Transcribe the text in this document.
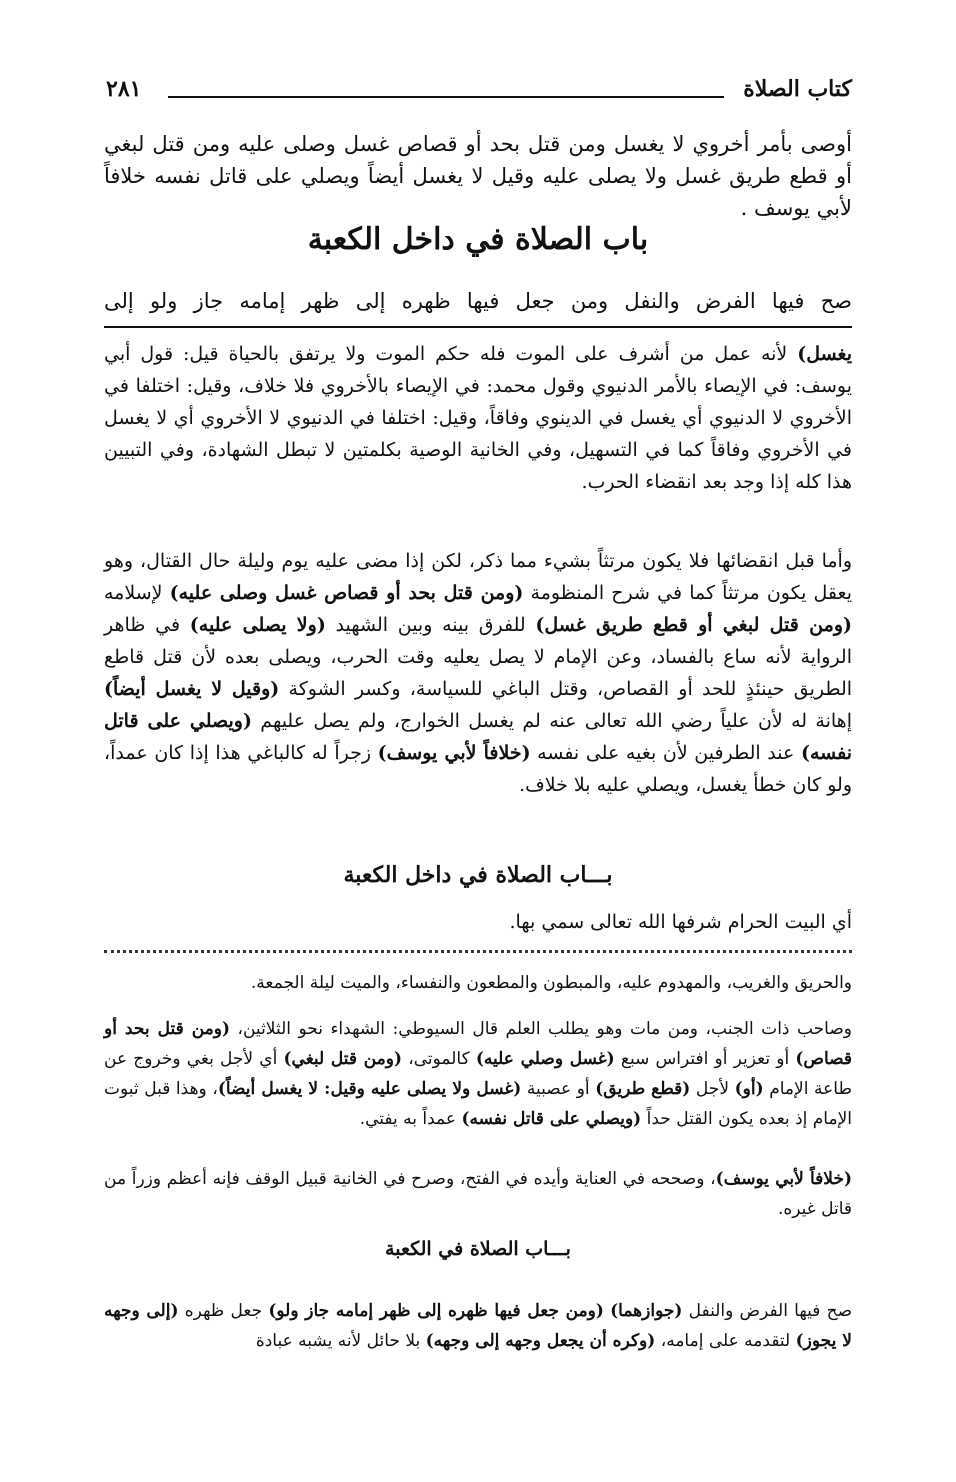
كتاب الصلاة
٢٨١
أوصى بأمر أخروي لا يغسل ومن قتل بحد أو قصاص غسل وصلى عليه ومن قتل لبغي أو قطع طريق غسل ولا يصلى عليه وقيل لا يغسل أيضاً ويصلي على قاتل نفسه خلافاً لأبي يوسف .
باب الصلاة في داخل الكعبة
صح فيها الفرض والنفل ومن جعل فيها ظهره إلى ظهر إمامه جاز ولو إلى
يغسل) لأنه عمل من أشرف على الموت فله حكم الموت ولا يرتفق بالحياة قيل: قول أبي يوسف: في الإيصاء بالأمر الدنيوي وقول محمد: في الإيصاء بالأخروي فلا خلاف، وقيل: اختلفا في الأخروي لا الدنيوي أي يغسل في الدينوي وفاقاً، وقيل: اختلفا في الدنيوي لا الأخروي أي لا يغسل في الأخروي وفاقاً كما في التسهيل، وفي الخانية الوصية بكلمتين لا تبطل الشهادة، وفي التبيين هذا كله إذا وجد بعد انقضاء الحرب.
وأما قبل انقضائها فلا يكون مرتثاً بشيء مما ذكر، لكن إذا مضى عليه يوم وليلة حال القتال، وهو يعقل يكون مرتثاً كما في شرح المنظومة (ومن قتل بحد أو قصاص غسل وصلى عليه) لإسلامه (ومن قتل لبغي أو قطع طريق غسل) للفرق بينه وبين الشهيد (ولا يصلى عليه) في ظاهر الرواية لأنه ساع بالفساد، وعن الإمام لا يصل يعليه وقت الحرب، ويصلى بعده لأن قتل قاطع الطريق حينئذٍ للحد أو القصاص، وقتل الباغي للسياسة، وكسر الشوكة (وقيل لا يغسل أيضاً) إهانة له لأن علياً رضي الله تعالى عنه لم يغسل الخوارج، ولم يصل عليهم (ويصلي على قاتل نفسه) عند الطرفين لأن بغيه على نفسه (خلافاً لأبي يوسف) زجراً له كالباغي هذا إذا كان عمداً، ولو كان خطأ يغسل، ويصلي عليه بلا خلاف.
بـــاب الصلاة في داخل الكعبة
أي البيت الحرام شرفها الله تعالى سمي بها.
والحريق والغريب، والمهدوم عليه، والمبطون والمطعون والنفساء، والميت ليلة الجمعة.
وصاحب ذات الجنب، ومن مات وهو يطلب العلم قال السيوطي: الشهداء نحو الثلاثين، (ومن قتل بحد أو قصاص) أو تعزير أو افتراس سبع (غسل وصلي عليه) كالموتى، (ومن قتل لبغي) أي لأجل بغي وخروج عن طاعة الإمام (أو) لأجل (قطع طريق) أو عصبية (غسل ولا يصلى عليه وقيل: لا يغسل أيضاً)، وهذا قبل ثبوت الإمام إذ بعده يكون القتل حداً (ويصلي على قاتل نفسه) عمداً به يفتي.
(خلافاً لأبي يوسف)، وصححه في العناية وأيده في الفتح، وصرح في الخانية قبيل الوقف فإنه أعظم وزراً من قاتل غيره.
بـــاب الصلاة في الكعبة
صح فيها الفرض والنفل (جوازهما) (ومن جعل فيها ظهره إلى ظهر إمامه جاز ولو) جعل ظهره (إلى وجهه لا يجوز) لتقدمه على إمامه، (وكره أن يجعل وجهه إلى وجهه) بلا حائل لأنه يشبه عبادة
